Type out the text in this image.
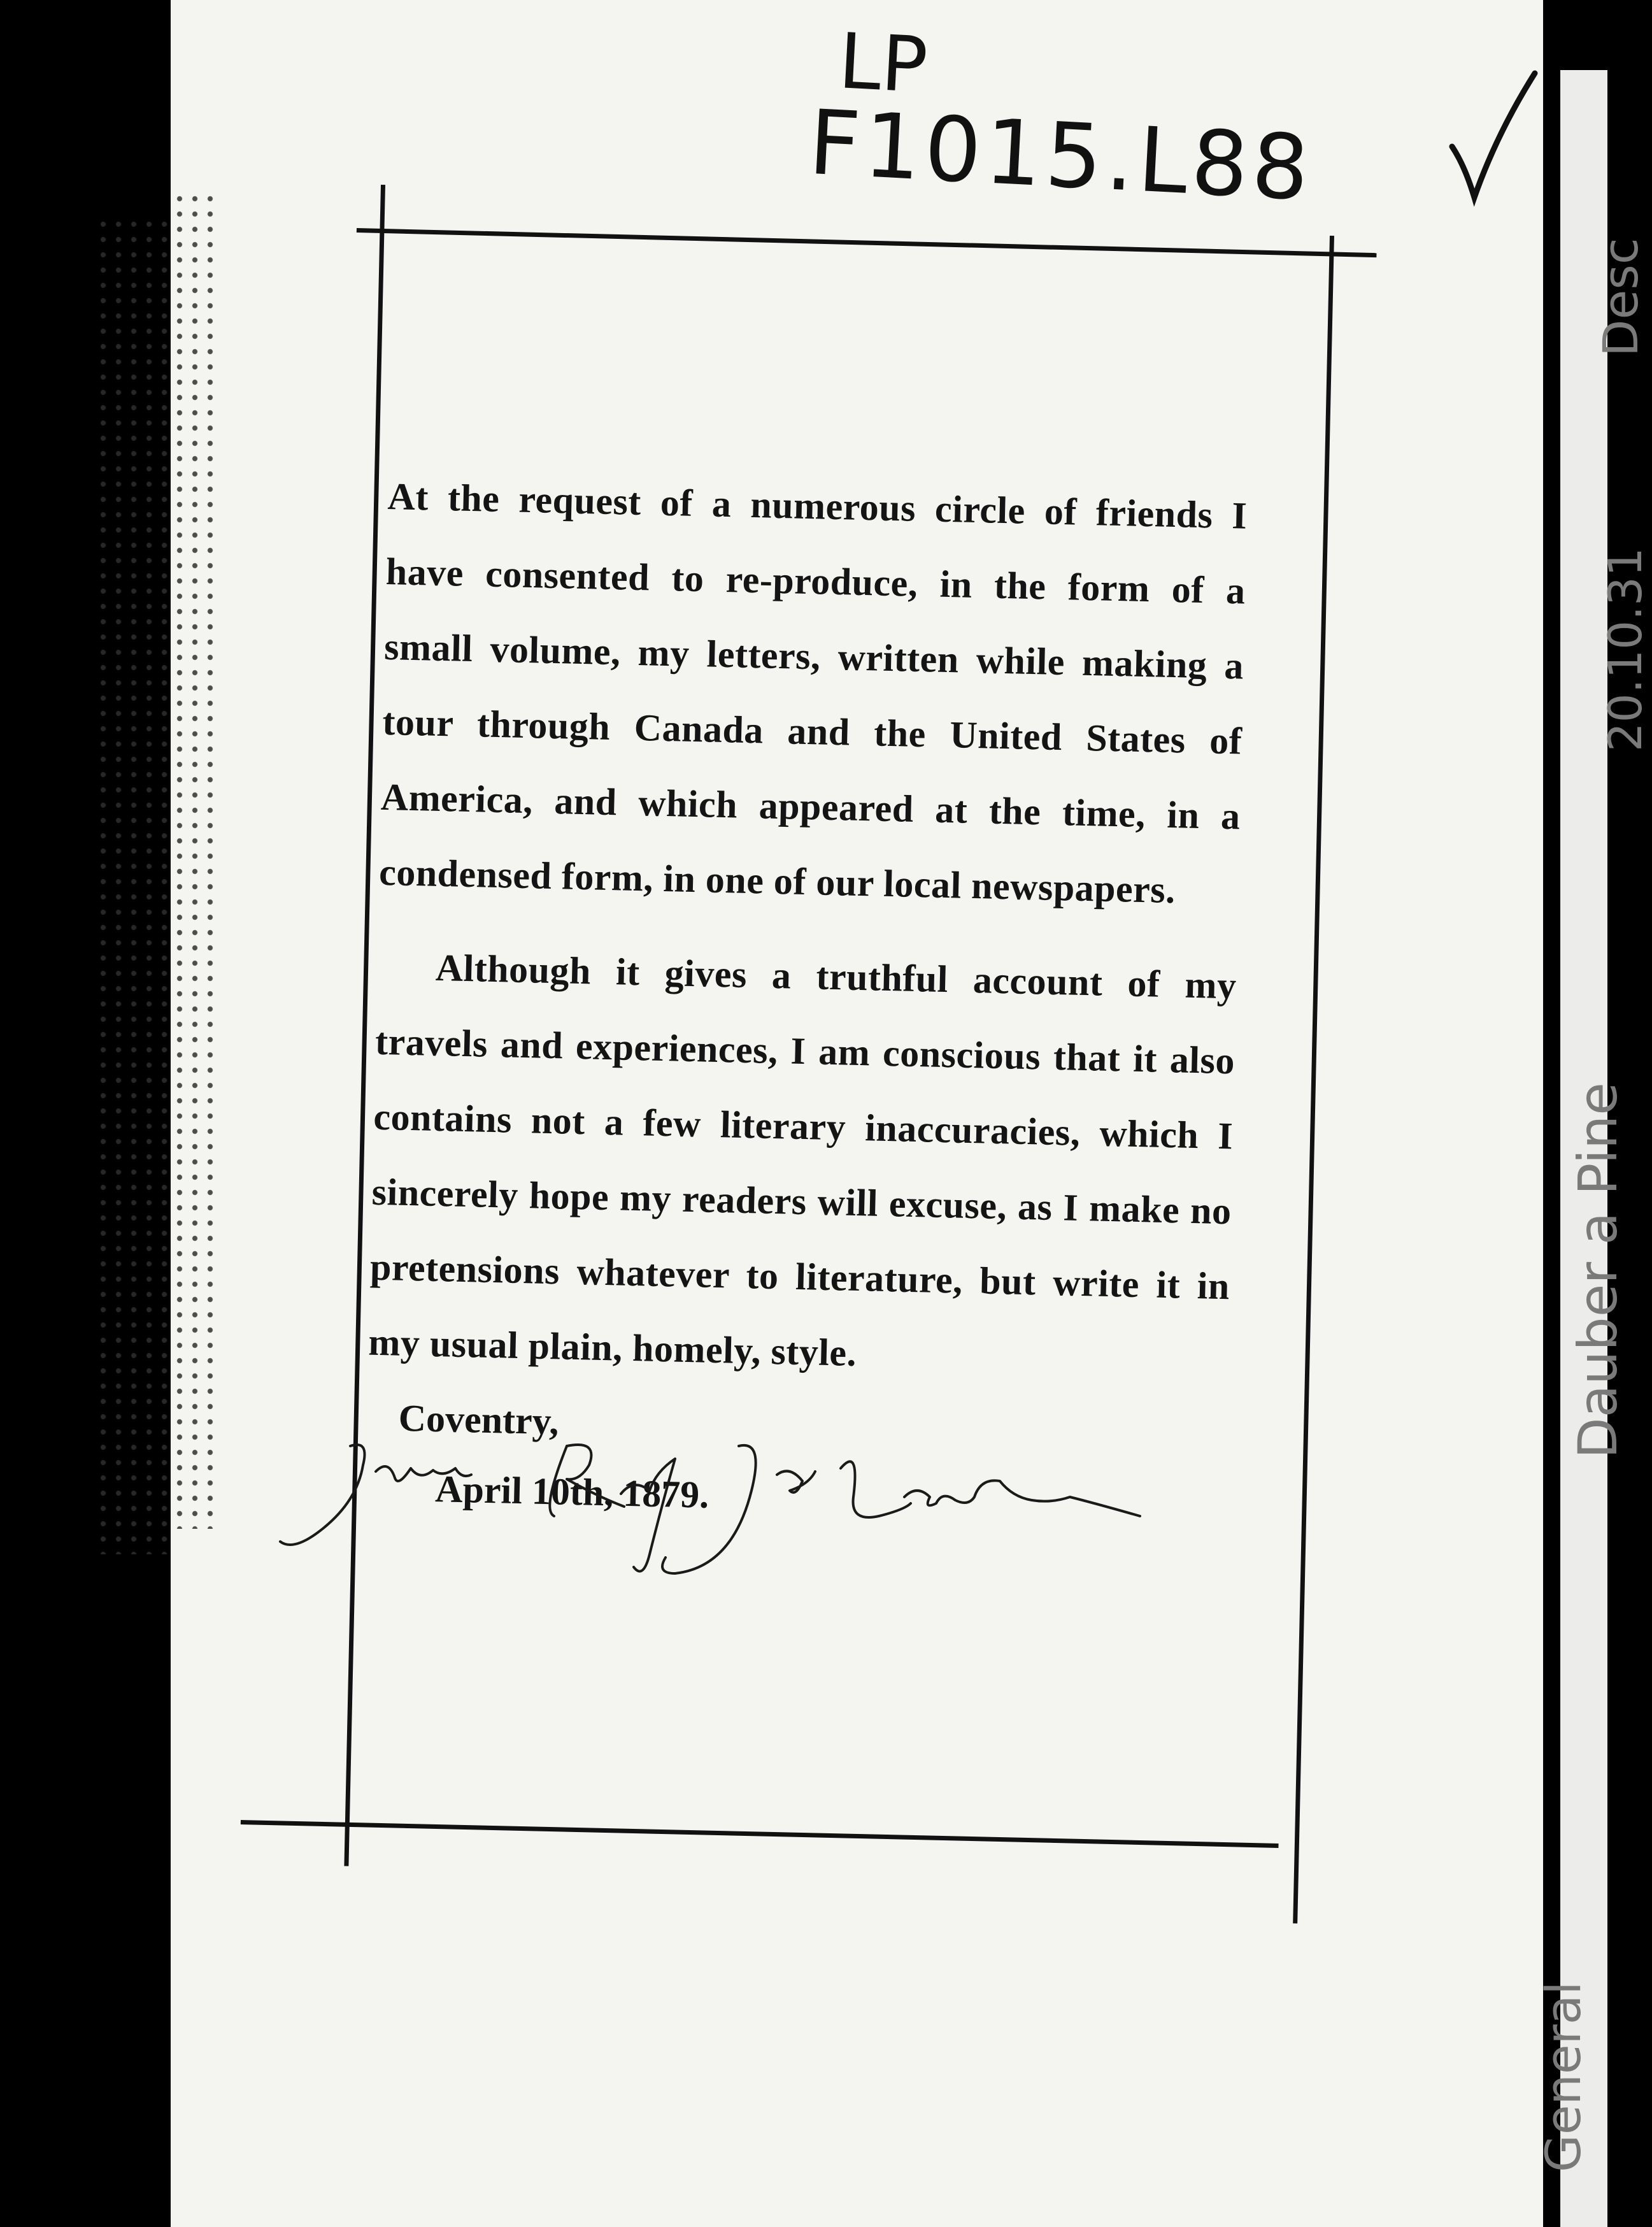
LP
F1015.L88

At the request of a numerous circle of friends I have consented to re-produce, in the form of a small volume, my letters, written while making a tour through Canada and the United States of America, and which appeared at the time, in a condensed form, in one of our local newspapers.

Although it gives a truthful account of my travels and experiences, I am conscious that it also contains not a few literary inaccuracies, which I sincerely hope my readers will excuse, as I make no pretensions whatever to literature, but write it in my usual plain, homely, style.

Coventry,
April 10th, 1879.
Desc
20.10.31
Dauber a Pine
General
